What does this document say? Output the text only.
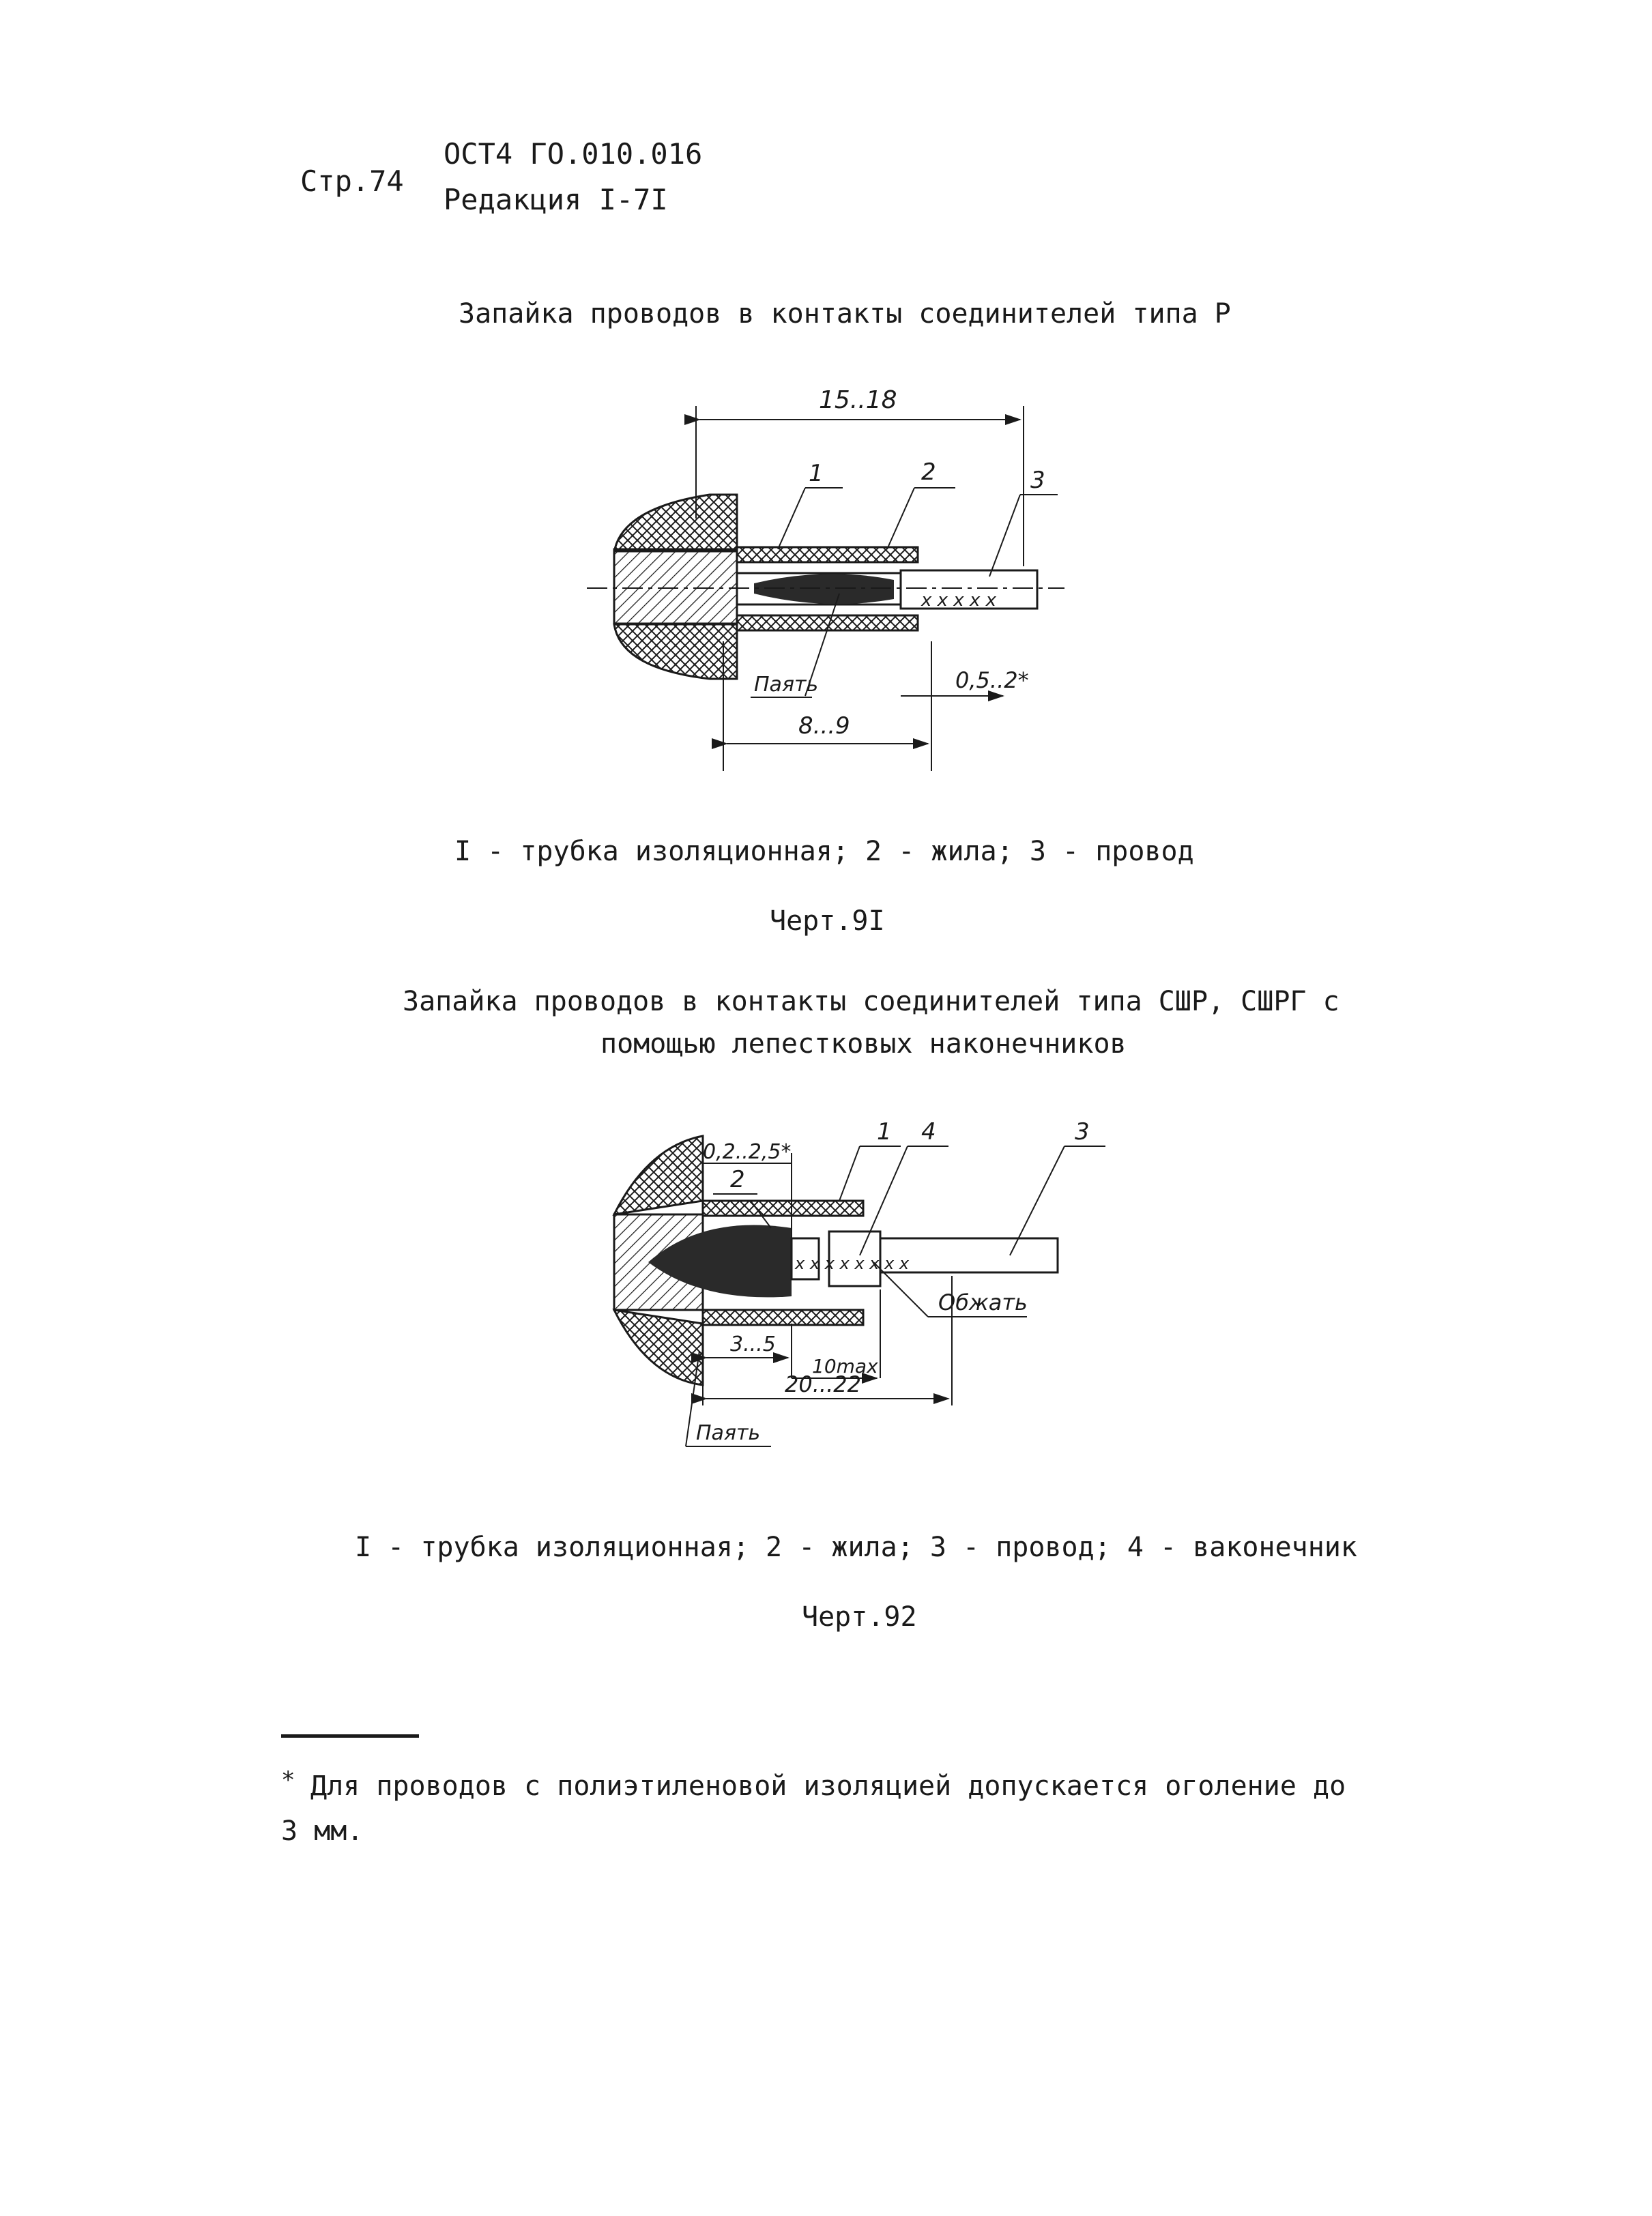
Стр.74
ОСТ4 ГО.010.016
Редакция I-7I
Запайка проводов в контакты соединителей типа Р
x x x x x
15..18
1	2	3
Паять
8...9
0,5..2*
I - трубка изоляционная; 2 - жила; 3 - провод
Черт.9I
Запайка проводов в контакты соединителей типа СШР, СШРГ с
помощью лепестковых наконечников
x x x x x x x x
1 4	3
2
0,2..2,5*
Обжать
3...5
10max
20...22
Паять
I - трубка изоляционная; 2 - жила; 3 - провод; 4 - ваконечник
Черт.92
* Для проводов с полиэтиленовой изоляцией допускается оголение до
3 мм.
